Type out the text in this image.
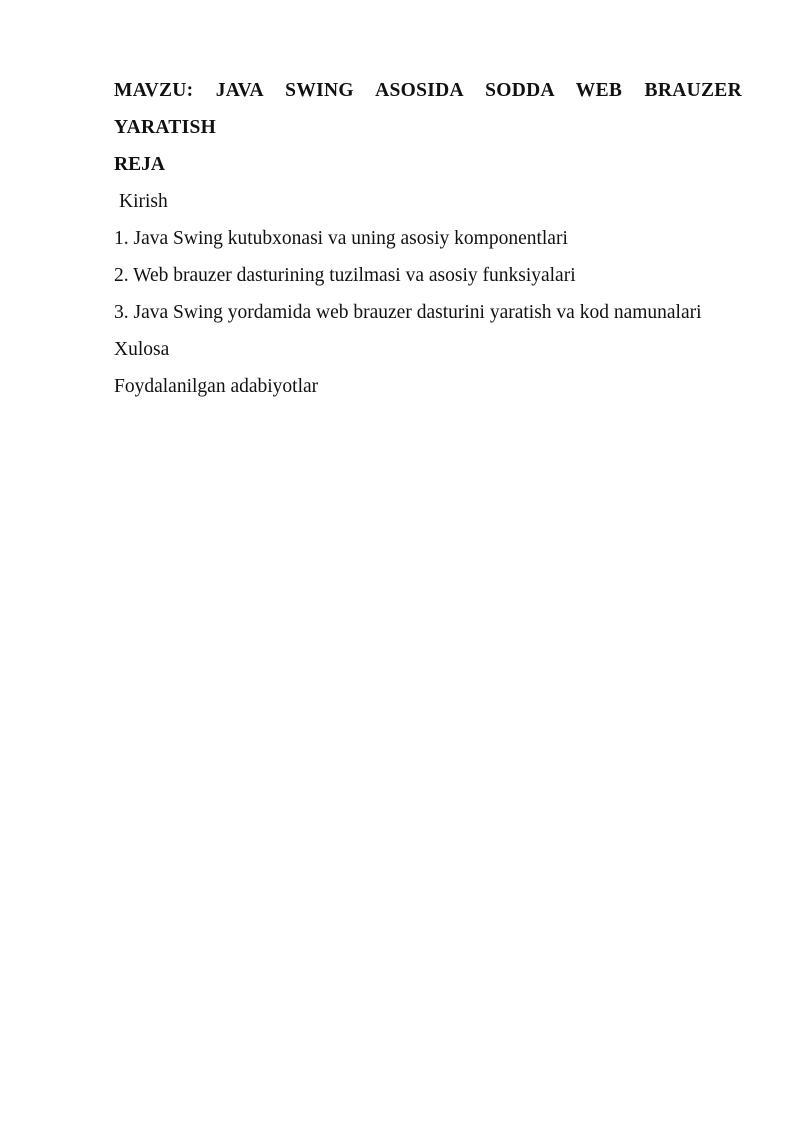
MAVZU: JAVA SWING ASOSIDA SODDA WEB BRAUZER YARATISH

REJA

Kirish

1. Java Swing kutubxonasi va uning asosiy komponentlari

2. Web brauzer dasturining tuzilmasi va asosiy funksiyalari

3. Java Swing yordamida web brauzer dasturini yaratish va kod namunalari

Xulosa

Foydalanilgan adabiyotlar
